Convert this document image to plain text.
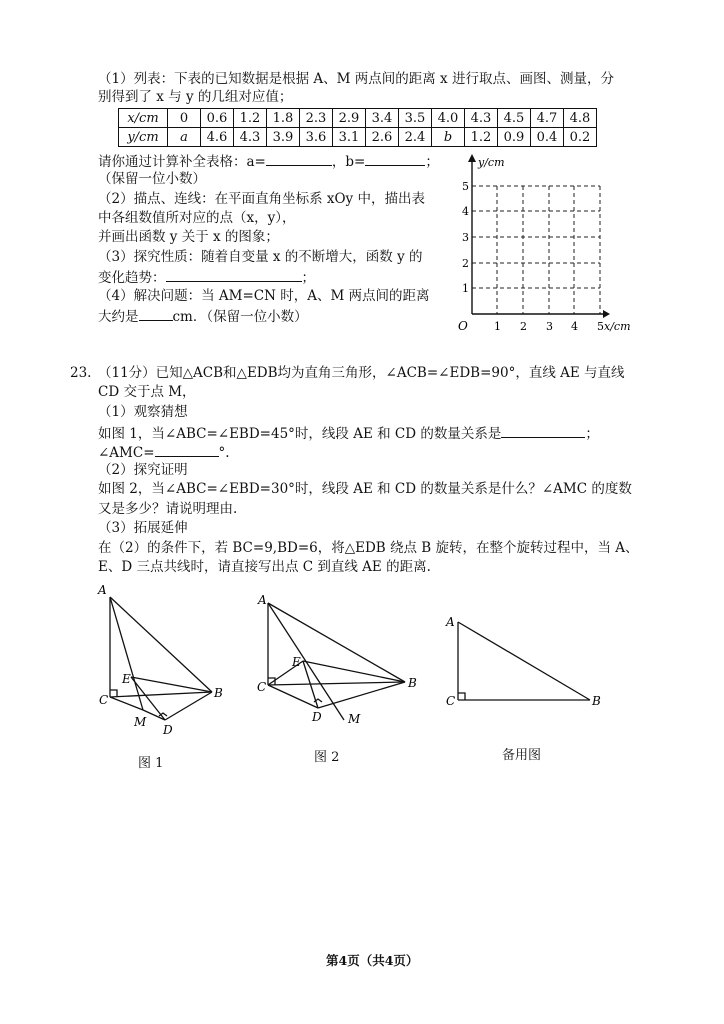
（1）列表：下表的已知数据是根据 A、M 两点间的距离 x 进行取点、画图、测量，分
别得到了 x 与 y 的几组对应值；
x/cm	0	0.6	1.2	1.8	2.3	2.9	3.4	3.5	4.0	4.3	4.5	4.7	4.8
y/cm	a	4.6	4.3	3.9	3.6	3.1	2.6	2.4	b	1.2	0.9	0.4	0.2
请你通过计算补全表格：a=	，b=	；
（保留一位小数）
（2）描点、连线：在平面直角坐标系 xOy 中，描出表
中各组数值所对应的点（x，y），
并画出函数 y 关于 x 的图象；
（3）探究性质：随着自变量 x 的不断增大，函数 y 的
变化趋势：	；
（4）解决问题：当 AM=CN 时，A、M 两点间的距离
大约是	cm．（保留一位小数）
y/cm
x/cm
O 1 2 3 4 5
1
2
3
4
5
23. （11分）已知△ACB和△EDB均为直角三角形，∠ACB=∠EDB=90°，直线 AE 与直线
CD 交于点 M，
（1）观察猜想
如图 1，当∠ABC=∠EBD=45°时，线段 AE 和 CD 的数量关系是	；
∠AMC=	°.
（2）探究证明
如图 2，当∠ABC=∠EBD=30°时，线段 AE 和 CD 的数量关系是什么？∠AMC 的度数
又是多少？请说明理由.
（3）拓展延伸
在（2）的条件下，若 BC=9,BD=6，将△EDB 绕点 B 旋转，在整个旋转过程中，当 A、
E、D 三点共线时，请直接写出点 C 到直线 AE 的距离.
A
B
C
D
E
M
图 1
A
B
C
D
E
M
图 2
A
B
C
备用图
第4页（共4页）
